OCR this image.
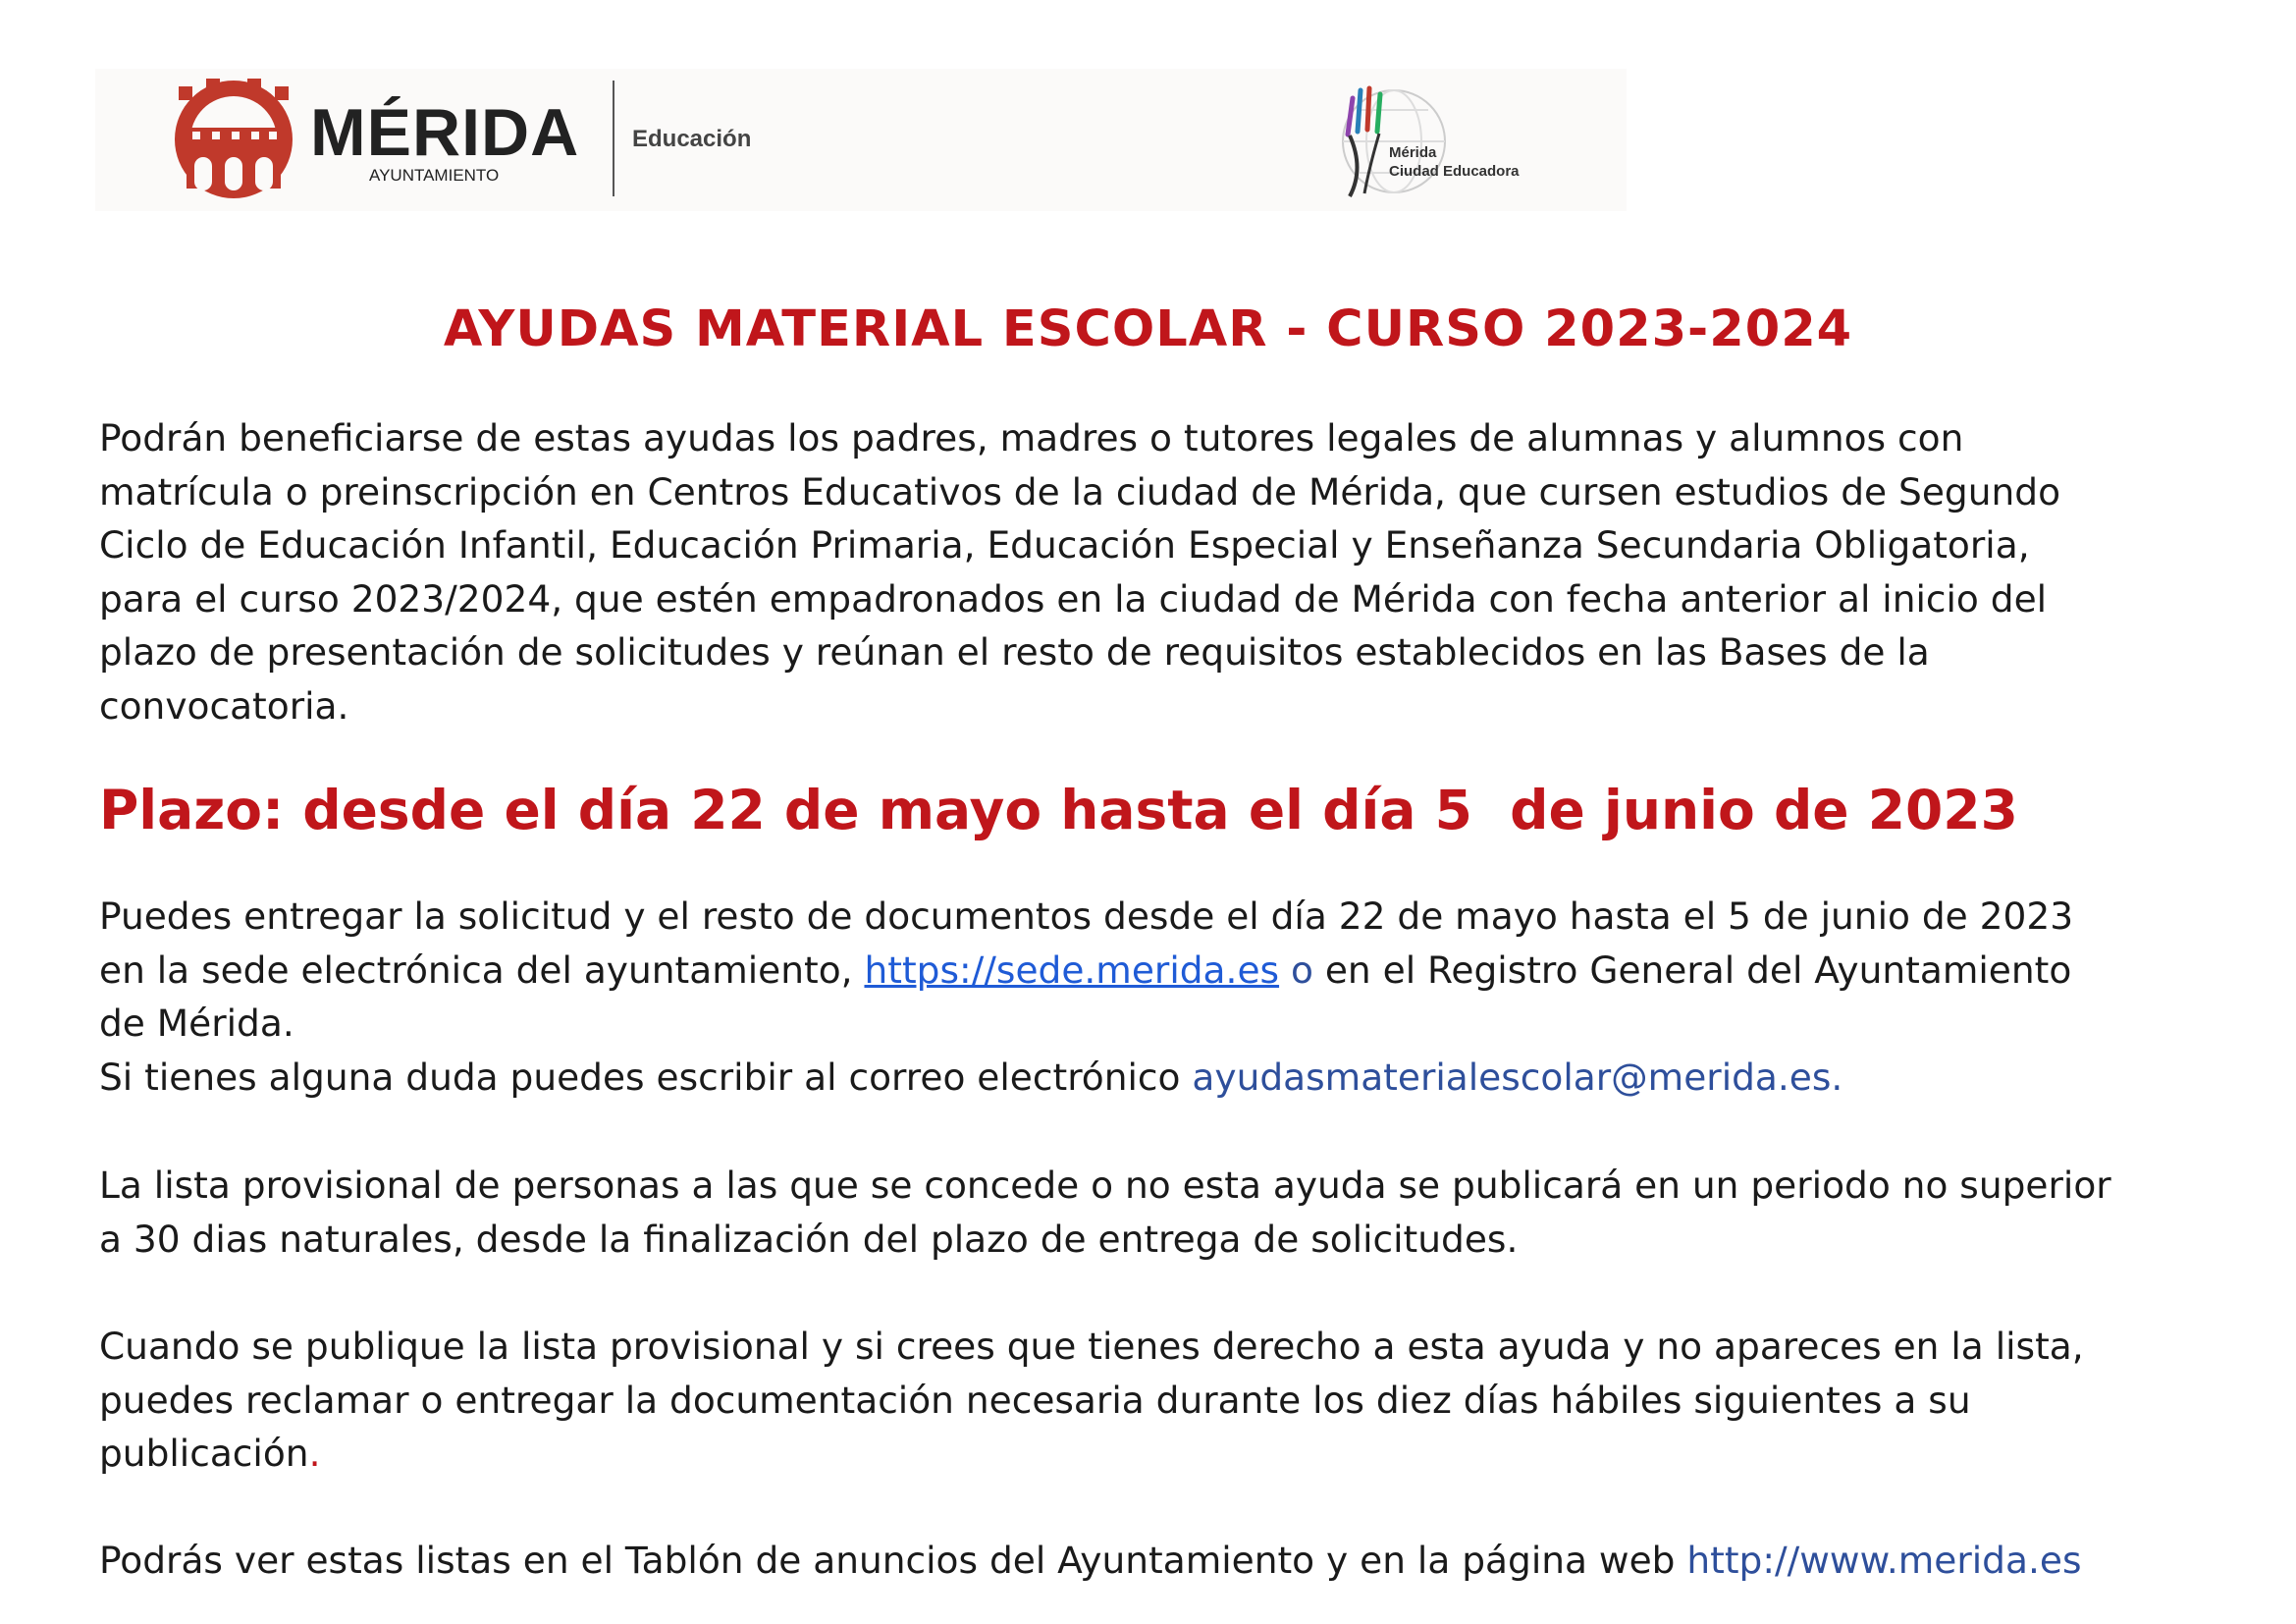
MÉRIDA
AYUNTAMIENTO
Educación
Mérida
Ciudad Educadora
AYUDAS MATERIAL ESCOLAR - CURSO 2023-2024

Podrán beneficiarse de estas ayudas los padres, madres o tutores legales de alumnas y alumnos con
matrícula o preinscripción en Centros Educativos de la ciudad de Mérida, que cursen estudios de Segundo
Ciclo de Educación Infantil, Educación Primaria, Educación Especial y Enseñanza Secundaria Obligatoria,
para el curso 2023/2024, que estén empadronados en la ciudad de Mérida con fecha anterior al inicio del
plazo de presentación de solicitudes y reúnan el resto de requisitos establecidos en las Bases de la
convocatoria.

Plazo: desde el día 22 de mayo hasta el día 5  de junio de 2023

Puedes entregar la solicitud y el resto de documentos desde el día 22 de mayo hasta el 5 de junio de 2023
en la sede electrónica del ayuntamiento, https://sede.merida.es o en el Registro General del Ayuntamiento
de Mérida.
Si tienes alguna duda puedes escribir al correo electrónico ayudasmaterialescolar@merida.es.

La lista provisional de personas a las que se concede o no esta ayuda se publicará en un periodo no superior
a 30 dias naturales, desde la finalización del plazo de entrega de solicitudes.

Cuando se publique la lista provisional y si crees que tienes derecho a esta ayuda y no apareces en la lista,
puedes reclamar o entregar la documentación necesaria durante los diez días hábiles siguientes a su
publicación.

Podrás ver estas listas en el Tablón de anuncios del Ayuntamiento y en la página web http://www.merida.es
